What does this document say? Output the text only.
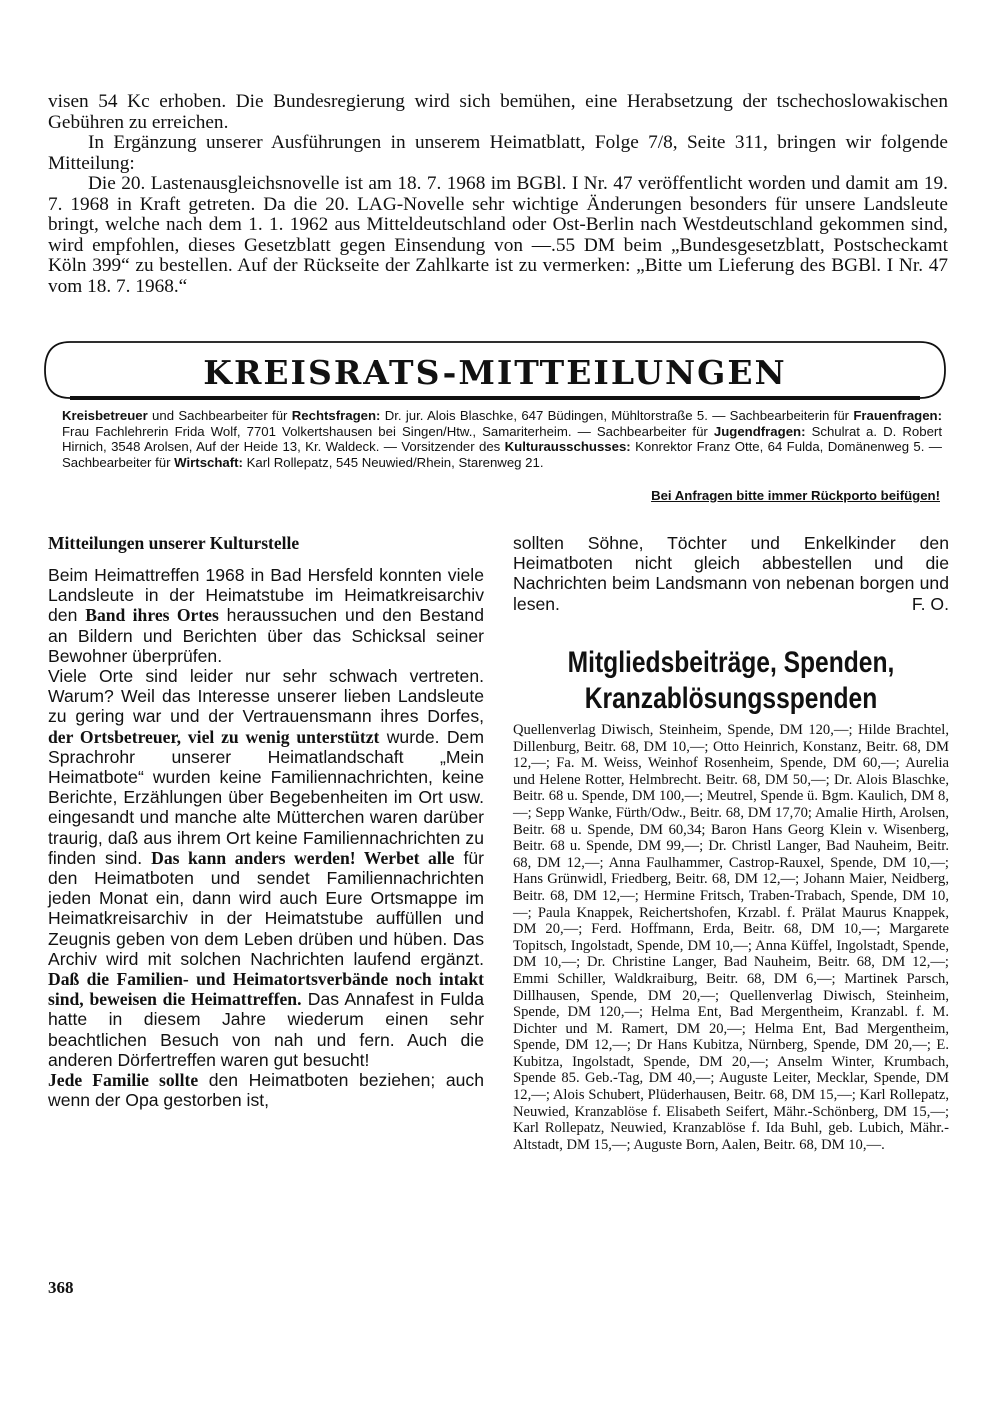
visen 54 Kc erhoben. Die Bundesregierung wird sich bemühen, eine Herabsetzung der tschechoslowakischen Gebühren zu erreichen.

In Ergänzung unserer Ausführungen in unserem Heimatblatt, Folge 7/8, Seite 311, bringen wir folgende Mitteilung:

Die 20. Lastenausgleichsnovelle ist am 18. 7. 1968 im BGBl. I Nr. 47 veröffentlicht worden und damit am 19. 7. 1968 in Kraft getreten. Da die 20. LAG-Novelle sehr wichtige Änderungen besonders für unsere Landsleute bringt, welche nach dem 1. 1. 1962 aus Mitteldeutschland oder Ost-Berlin nach Westdeutschland gekommen sind, wird empfohlen, dieses Gesetzblatt gegen Einsendung von —.55 DM beim „Bundesgesetzblatt, Postscheckamt Köln 399“ zu bestellen. Auf der Rückseite der Zahlkarte ist zu vermerken: „Bitte um Lieferung des BGBl. I Nr. 47 vom 18. 7. 1968.“

KREISRATS-MITTEILUNGEN
Kreisbetreuer und Sachbearbeiter für Rechtsfragen: Dr. jur. Alois Blaschke, 647 Büdingen, Mühltorstraße 5. — Sachbearbeiterin für Frauenfragen: Frau Fachlehrerin Frida Wolf, 7701 Volkertshausen bei Singen/Htw., Samariterheim. — Sachbearbeiter für Jugendfragen: Schulrat a. D. Robert Hirnich, 3548 Arolsen, Auf der Heide 13, Kr. Waldeck. — Vorsitzender des Kulturausschusses: Konrektor Franz Otte, 64 Fulda, Domänenweg 5. — Sachbearbeiter für Wirtschaft: Karl Rollepatz, 545 Neuwied/Rhein, Starenweg 21.
Bei Anfragen bitte immer Rückporto beifügen!
Mitteilungen unserer Kulturstelle

Beim Heimattreffen 1968 in Bad Hersfeld konnten viele Landsleute in der Heimatstube im Heimatkreisarchiv den Band ihres Ortes heraussuchen und den Bestand an Bildern und Berichten über das Schicksal seiner Bewohner überprüfen.

Viele Orte sind leider nur sehr schwach vertreten. Warum? Weil das Interesse unserer lieben Landsleute zu gering war und der Vertrauensmann ihres Dorfes, der Ortsbetreuer, viel zu wenig unterstützt wurde. Dem Sprachrohr unserer Heimatlandschaft „Mein Heimatbote“ wurden keine Familiennachrichten, keine Berichte, Erzählungen über Begebenheiten im Ort usw. eingesandt und manche alte Mütterchen waren darüber traurig, daß aus ihrem Ort keine Familiennachrichten zu finden sind. Das kann anders werden! Werbet alle für den Heimatboten und sendet Familiennachrichten jeden Monat ein, dann wird auch Eure Ortsmappe im Heimatkreisarchiv in der Heimatstube auffüllen und Zeugnis geben von dem Leben drüben und hüben. Das Archiv wird mit solchen Nachrichten laufend ergänzt. Daß die Familien- und Heimatortsverbände noch intakt sind, beweisen die Heimattreffen. Das Annafest in Fulda hatte in diesem Jahre wiederum einen sehr beachtlichen Besuch von nah und fern. Auch die anderen Dörfertreffen waren gut besucht!

Jede Familie sollte den Heimatboten beziehen; auch wenn der Opa gestorben ist,

sollten Söhne, Töchter und Enkelkinder den Heimatboten nicht gleich abbestellen und die Nachrichten beim Landsmann von nebenan borgen und lesen.	F. O.

Mitgliedsbeiträge, Spenden,
Kranzablösungsspenden
Quellenverlag Diwisch, Steinheim, Spende, DM 120,—; Hilde Brachtel, Dillenburg, Beitr. 68, DM 10,—; Otto Heinrich, Konstanz, Beitr. 68, DM 12,—; Fa. M. Weiss, Weinhof Rosenheim, Spende, DM 60,—; Aurelia und Helene Rotter, Helmbrecht. Beitr. 68, DM 50,—; Dr. Alois Blaschke, Beitr. 68 u. Spende, DM 100,—; Meutrel, Spende ü. Bgm. Kaulich, DM 8,—; Sepp Wanke, Fürth/Odw., Beitr. 68, DM 17,70; Amalie Hirth, Arolsen, Beitr. 68 u. Spende, DM 60,34; Baron Hans Georg Klein v. Wisenberg, Beitr. 68 u. Spende, DM 99,—; Dr. Christl Langer, Bad Nauheim, Beitr. 68, DM 12,—; Anna Faulhammer, Castrop-Rauxel, Spende, DM 10,—; Hans Grünwidl, Friedberg, Beitr. 68, DM 12,—; Johann Maier, Neidberg, Beitr. 68, DM 12,—; Hermine Fritsch, Traben-Trabach, Spende, DM 10,—; Paula Knappek, Reichertshofen, Krzabl. f. Prälat Maurus Knappek, DM 20,—; Ferd. Hoffmann, Erda, Beitr. 68, DM 10,—; Margarete Topitsch, Ingolstadt, Spende, DM 10,—; Anna Küffel, Ingolstadt, Spende, DM 10,—; Dr. Christine Langer, Bad Nauheim, Beitr. 68, DM 12,—; Emmi Schiller, Waldkraiburg, Beitr. 68, DM 6,—; Martinek Parsch, Dillhausen, Spende, DM 20,—; Quellenverlag Diwisch, Steinheim, Spende, DM 120,—; Helma Ent, Bad Mergentheim, Kranzabl. f. M. Dichter und M. Ramert, DM 20,—; Helma Ent, Bad Mergentheim, Spende, DM 12,—; Dr Hans Kubitza, Nürnberg, Spende, DM 20,—; E. Kubitza, Ingolstadt, Spende, DM 20,—; Anselm Winter, Krumbach, Spende 85. Geb.-Tag, DM 40,—; Auguste Leiter, Mecklar, Spende, DM 12,—; Alois Schubert, Plüderhausen, Beitr. 68, DM 15,—; Karl Rollepatz, Neuwied, Kranzablöse f. Elisabeth Seifert, Mähr.-Schönberg, DM 15,—; Karl Rollepatz, Neuwied, Kranzablöse f. Ida Buhl, geb. Lubich, Mähr.-Altstadt, DM 15,—; Auguste Born, Aalen, Beitr. 68, DM 10,—.
368
